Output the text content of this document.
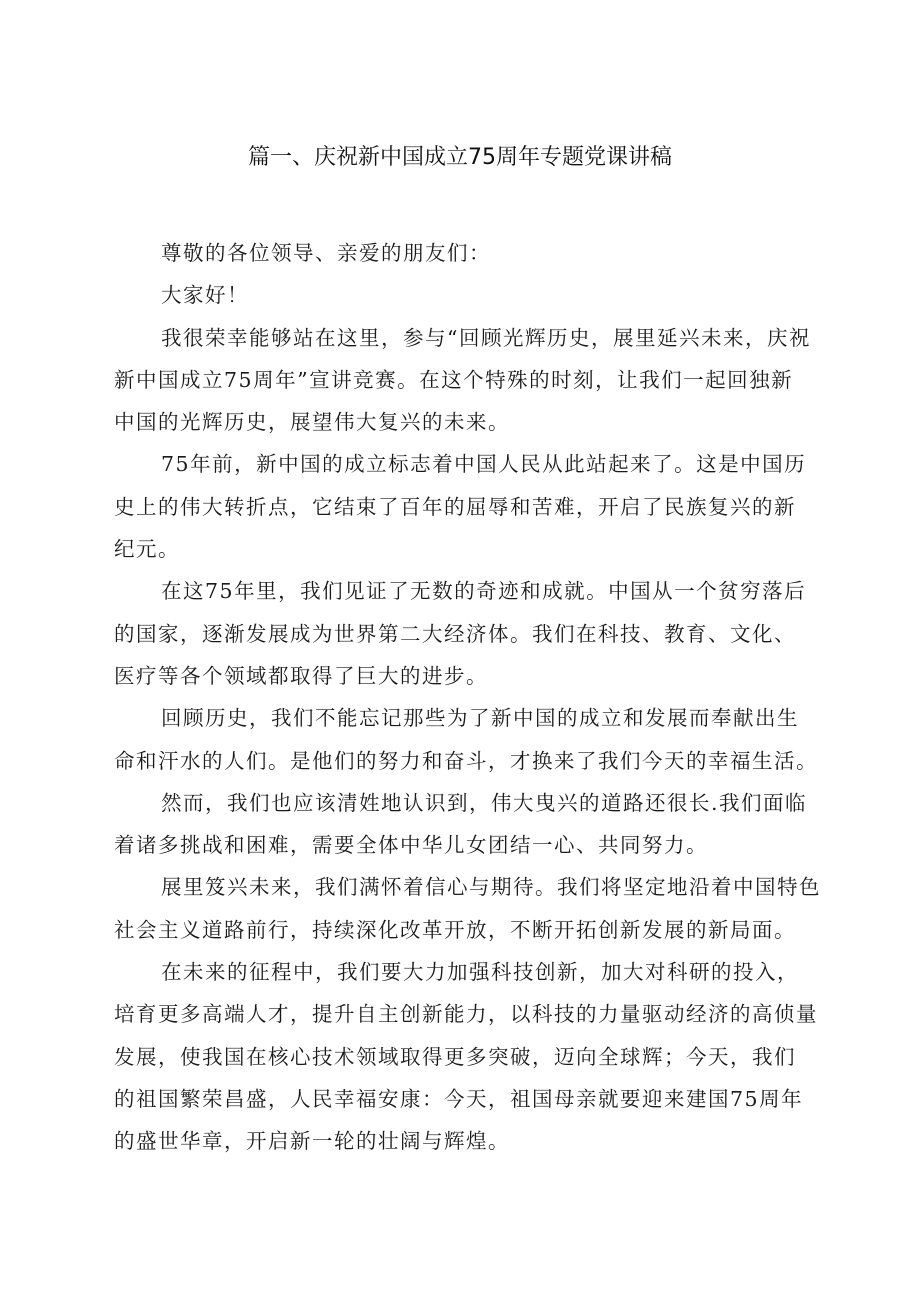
篇一、庆祝新中国成立75周年专题党课讲稿

尊敬的各位领导、亲爱的朋友们：

大家好！

我很荣幸能够站在这里，参与“回顾光辉历史，展里延兴未来，庆祝
新中国成立75周年”宣讲竞赛。在这个特殊的时刻，让我们一起回独新
中国的光辉历史，展望伟大复兴的未来。

75年前，新中国的成立标志着中国人民从此站起来了。这是中国历
史上的伟大转折点，它结束了百年的屈辱和苦难，开启了民族复兴的新
纪元。

在这75年里，我们见证了无数的奇迹和成就。中国从一个贫穷落后
的国家，逐渐发展成为世界第二大经济体。我们在科技、教育、文化、
医疗等各个领域都取得了巨大的进步。

回顾历史，我们不能忘记那些为了新中国的成立和发展而奉献出生
命和汗水的人们。是他们的努力和奋斗，才换来了我们今天的幸福生活。

然而，我们也应该清姓地认识到，伟大曳兴的道路还很长.我们面临
着诸多挑战和困难，需要全体中华儿女团结一心、共同努力。

展里笈兴未来，我们满怀着信心与期待。我们将坚定地沿着中国特色
社会主义道路前行，持续深化改革开放，不断开拓创新发展的新局面。

在未来的征程中，我们要大力加强科技创新，加大对科研的投入，
培育更多高端人才，提升自主创新能力，以科技的力量驱动经济的高侦量
发展，使我国在核心技术领域取得更多突破，迈向全球辉；今天，我们
的祖国繁荣昌盛，人民幸福安康：今天，祖国母亲就要迎来建国75周年
的盛世华章，开启新一轮的壮阔与辉煌。
